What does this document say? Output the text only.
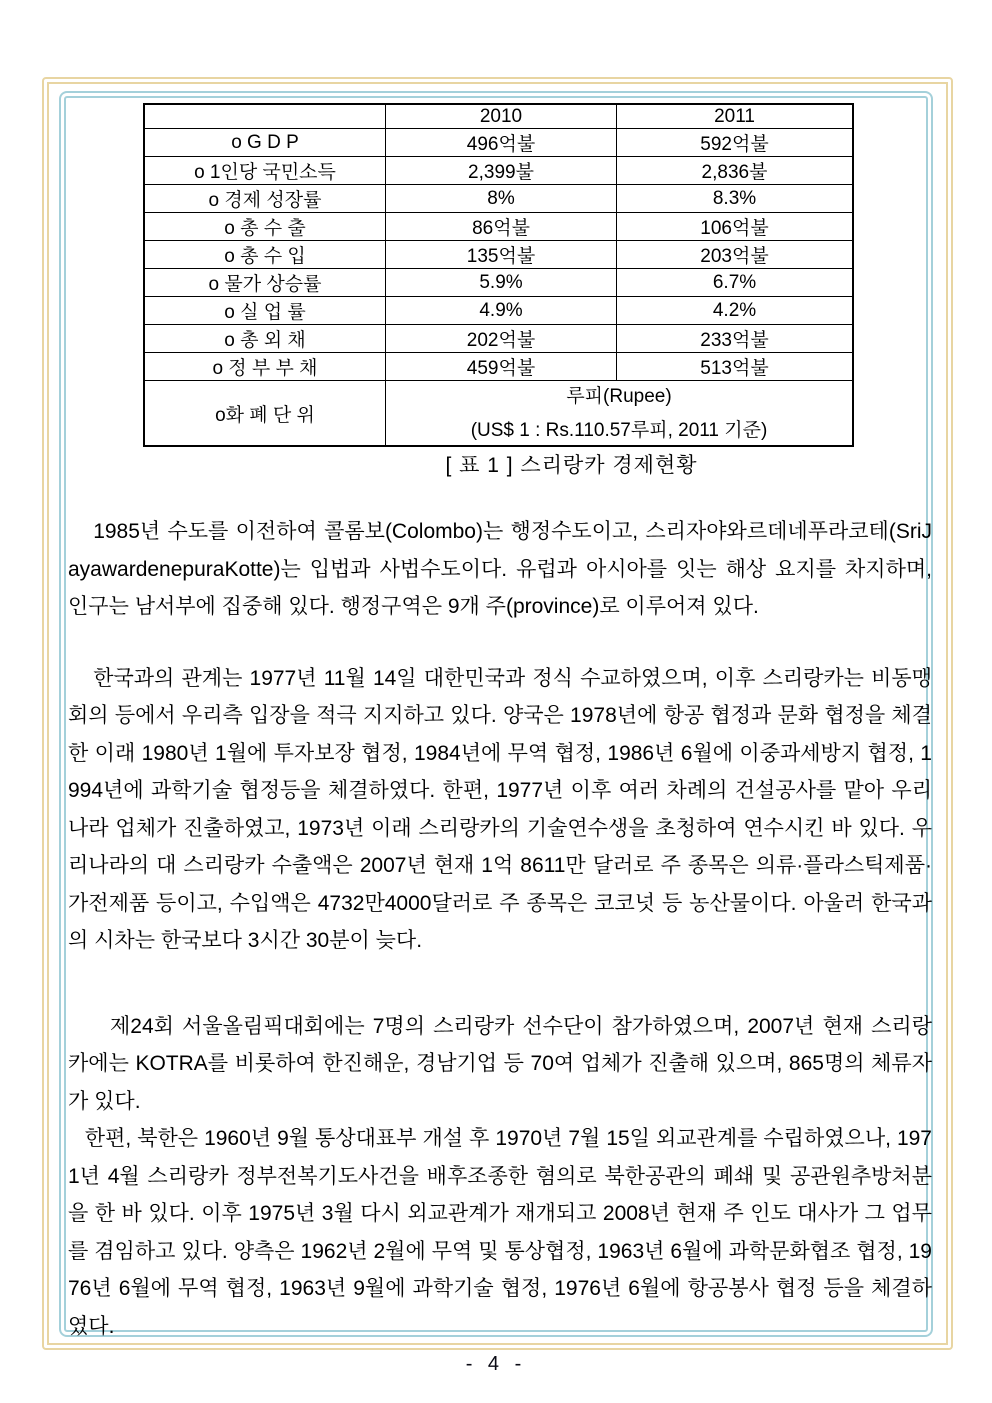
	2010	2011
o G D P	496억불	592억불
o 1인당 국민소득	2,399불	2,836불
o 경제 성장률	8%	8.3%
o 총 수 출	86억불	106억불
o 총 수 입	135억불	203억불
o 물가 상승률	5.9%	6.7%
o 실 업 률	4.9%	4.2%
o 총 외 채	202억불	233억불
o 정 부 부 채	459억불	513억불
o화 폐 단 위	루피(Rupee)
(US$ 1 : Rs.110.57루피, 2011 기준)	
[ 표 1 ] 스리랑카 경제현황

1985년 수도를 이전하여 콜롬보(Colombo)는 행정수도이고, 스리자야와르데네푸라코테(SriJayawardenepuraKotte)는 입법과 사법수도이다. 유럽과 아시아를 잇는 해상 요지를 차지하며, 인구는 남서부에 집중해 있다. 행정구역은 9개 주(province)로 이루어져 있다.

한국과의 관계는 1977년 11월 14일 대한민국과 정식 수교하였으며, 이후 스리랑카는 비동맹회의 등에서 우리측 입장을 적극 지지하고 있다. 양국은 1978년에 항공 협정과 문화 협정을 체결한 이래 1980년 1월에 투자보장 협정, 1984년에 무역 협정, 1986년 6월에 이중과세방지 협정, 1994년에 과학기술 협정등을 체결하였다. 한편, 1977년 이후 여러 차례의 건설공사를 맡아 우리나라 업체가 진출하였고, 1973년 이래 스리랑카의 기술연수생을 초청하여 연수시킨 바 있다. 우리나라의 대 스리랑카 수출액은 2007년 현재 1억 8611만 달러로 주 종목은 의류·플라스틱제품·가전제품 등이고, 수입액은 4732만4000달러로 주 종목은 코코넛 등 농산물이다. 아울러 한국과의 시차는 한국보다 3시간 30분이 늦다.

제24회 서울올림픽대회에는 7명의 스리랑카 선수단이 참가하였으며, 2007년 현재 스리랑카에는 KOTRA를 비롯하여 한진해운, 경남기업 등 70여 업체가 진출해 있으며, 865명의 체류자가 있다.

한편, 북한은 1960년 9월 통상대표부 개설 후 1970년 7월 15일 외교관계를 수립하였으나, 1971년 4월 스리랑카 정부전복기도사건을 배후조종한 혐의로 북한공관의 폐쇄 및 공관원추방처분을 한 바 있다. 이후 1975년 3월 다시 외교관계가 재개되고 2008년 현재 주 인도 대사가 그 업무를 겸임하고 있다. 양측은 1962년 2월에 무역 및 통상협정, 1963년 6월에 과학문화협조 협정, 1976년 6월에 무역 협정, 1963년 9월에 과학기술 협정, 1976년 6월에 항공봉사 협정 등을 체결하였다.

- 4 -
